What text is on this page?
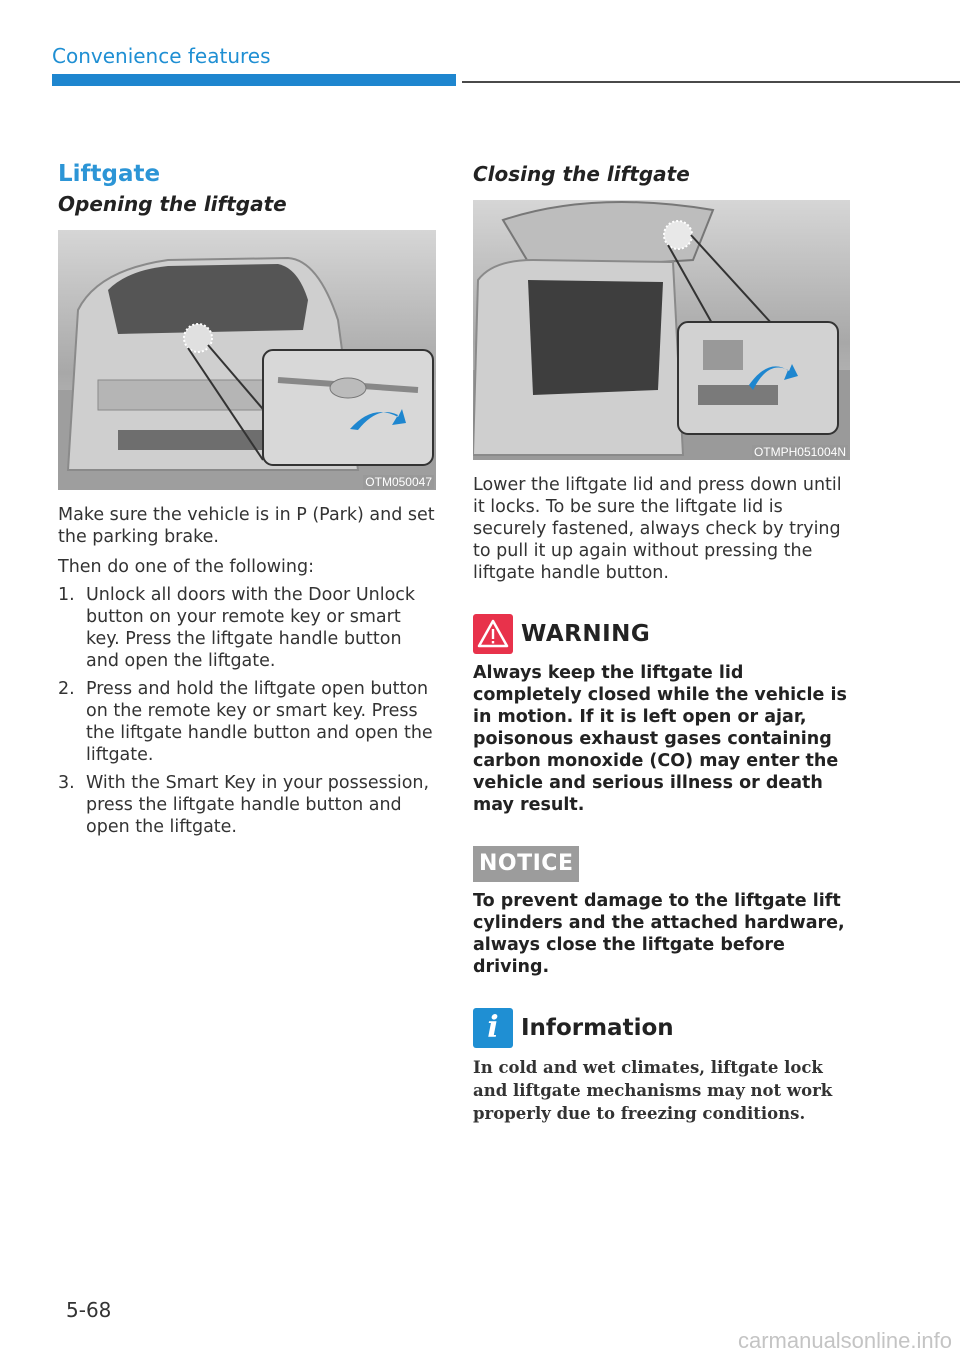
Convenience features
Liftgate
Opening the liftgate
OTM050047

Make sure the vehicle is in P (Park) and set the parking brake.

Then do one of the following:

1. Unlock all doors with the Door Unlock button on your remote key or smart key. Press the liftgate handle button and open the liftgate.
2. Press and hold the liftgate open button on the remote key or smart key. Press the liftgate handle button and open the liftgate.
3. With the Smart Key in your possession, press the liftgate handle button and open the liftgate.
Closing the liftgate
OTMPH051004N

Lower the liftgate lid and press down until it locks. To be sure the liftgate lid is securely fastened, always check by trying to pull it up again without pressing the liftgate handle button.

WARNING

Always keep the liftgate lid completely closed while the vehicle is in motion. If it is left open or ajar, poisonous exhaust gases containing carbon monoxide (CO) may enter the vehicle and serious illness or death may result.

NOTICE

To prevent damage to the liftgate lift cylinders and the attached hardware, always close the liftgate before driving.

i Information

In cold and wet climates, liftgate lock and liftgate mechanisms may not work properly due to freezing conditions.

5-68
carmanualsonline.info
